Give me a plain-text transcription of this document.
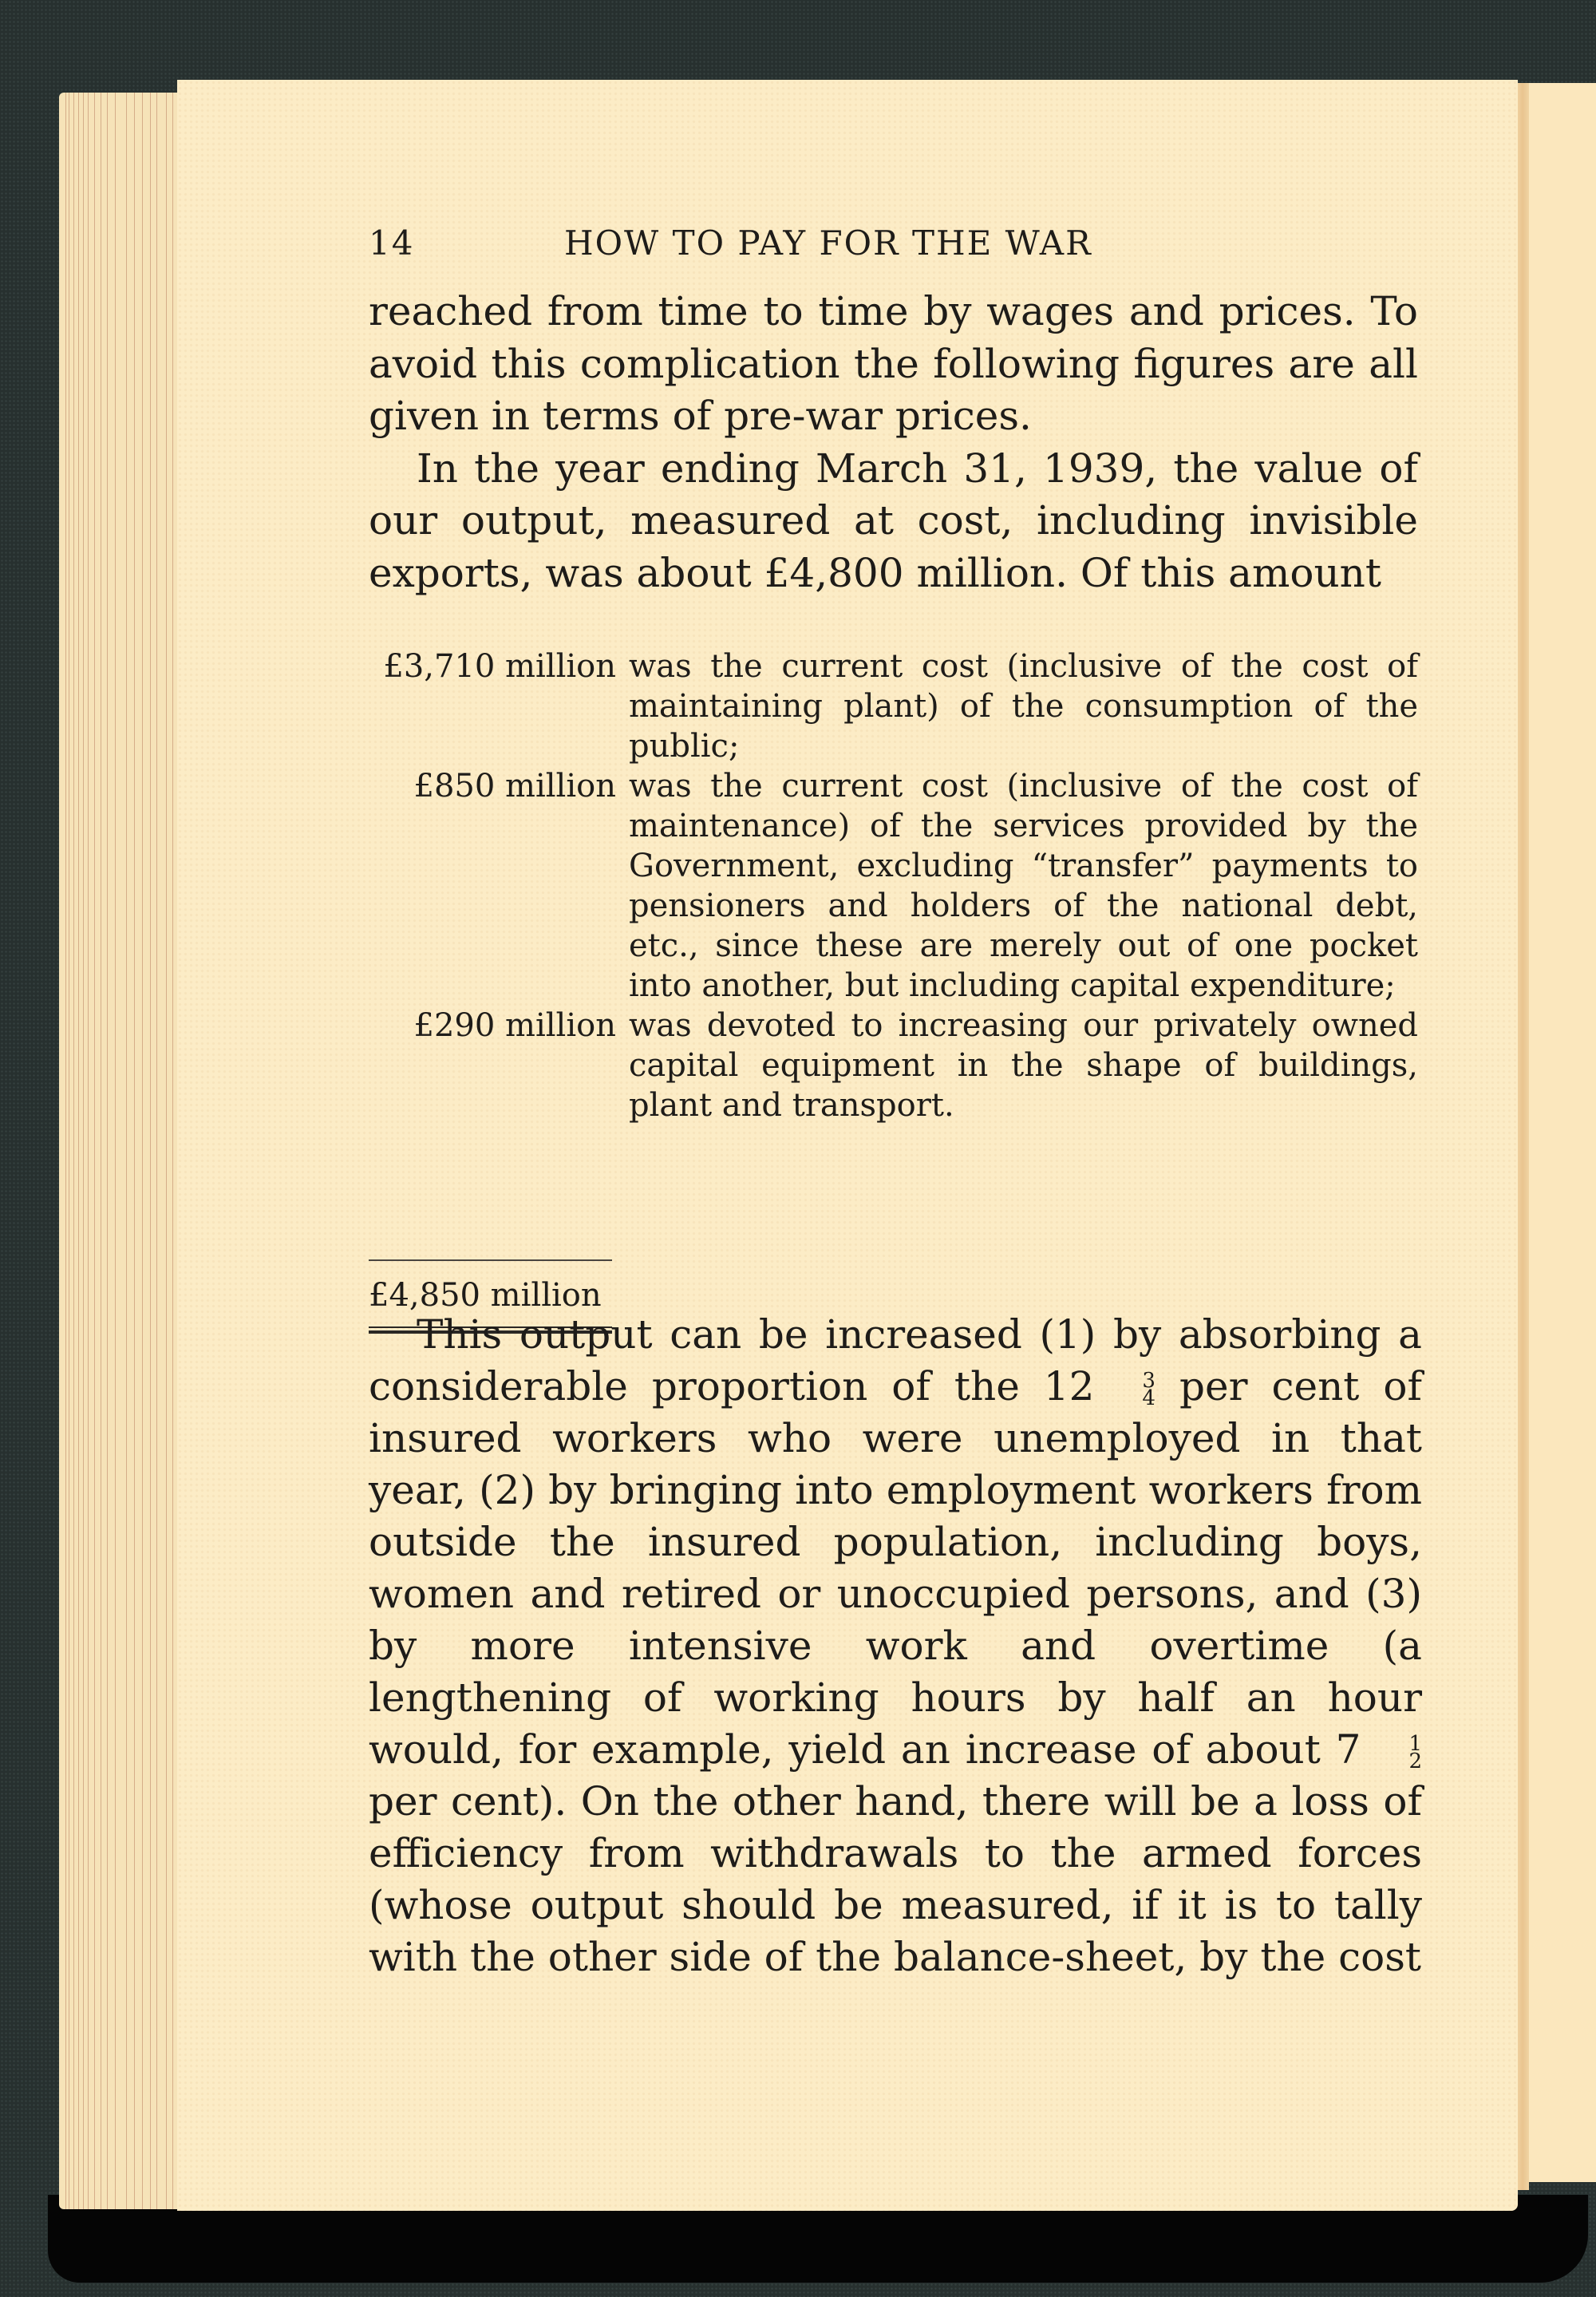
14	HOW TO PAY FOR THE WAR

reached from time to time by wages and prices. To avoid this complication the following figures are all given in terms of pre-war prices.

In the year ending March 31, 1939, the value of our output, measured at cost, including invisible exports, was about £4,800 million. Of this amount

£3,710 million was the current cost (inclusive of the cost of maintaining plant) of the consumption of the public;
£850 million was the current cost (inclusive of the cost of maintenance) of the services provided by the Government, excluding “transfer” payments to pensioners and holders of the national debt, etc., since these are merely out of one pocket into another, but including capital expenditure;
£290 million was devoted to increasing our privately owned capital equipment in the shape of buildings, plant and transport.
£4,850 million

This output can be increased (1) by absorbing a considerable proportion of the 12	3
4 per cent of insured workers who were unemployed in that year, (2) by bringing into employment workers from outside the insured population, including boys, women and retired or unoccupied persons, and (3) by more intensive work and overtime (a lengthening of working hours by half an hour would, for example, yield an increase of about 7	1
2
per cent). On the other hand, there will be a loss of efficiency from withdrawals to the armed forces (whose output should be measured, if it is to tally with the other side of the balance-sheet, by the cost
